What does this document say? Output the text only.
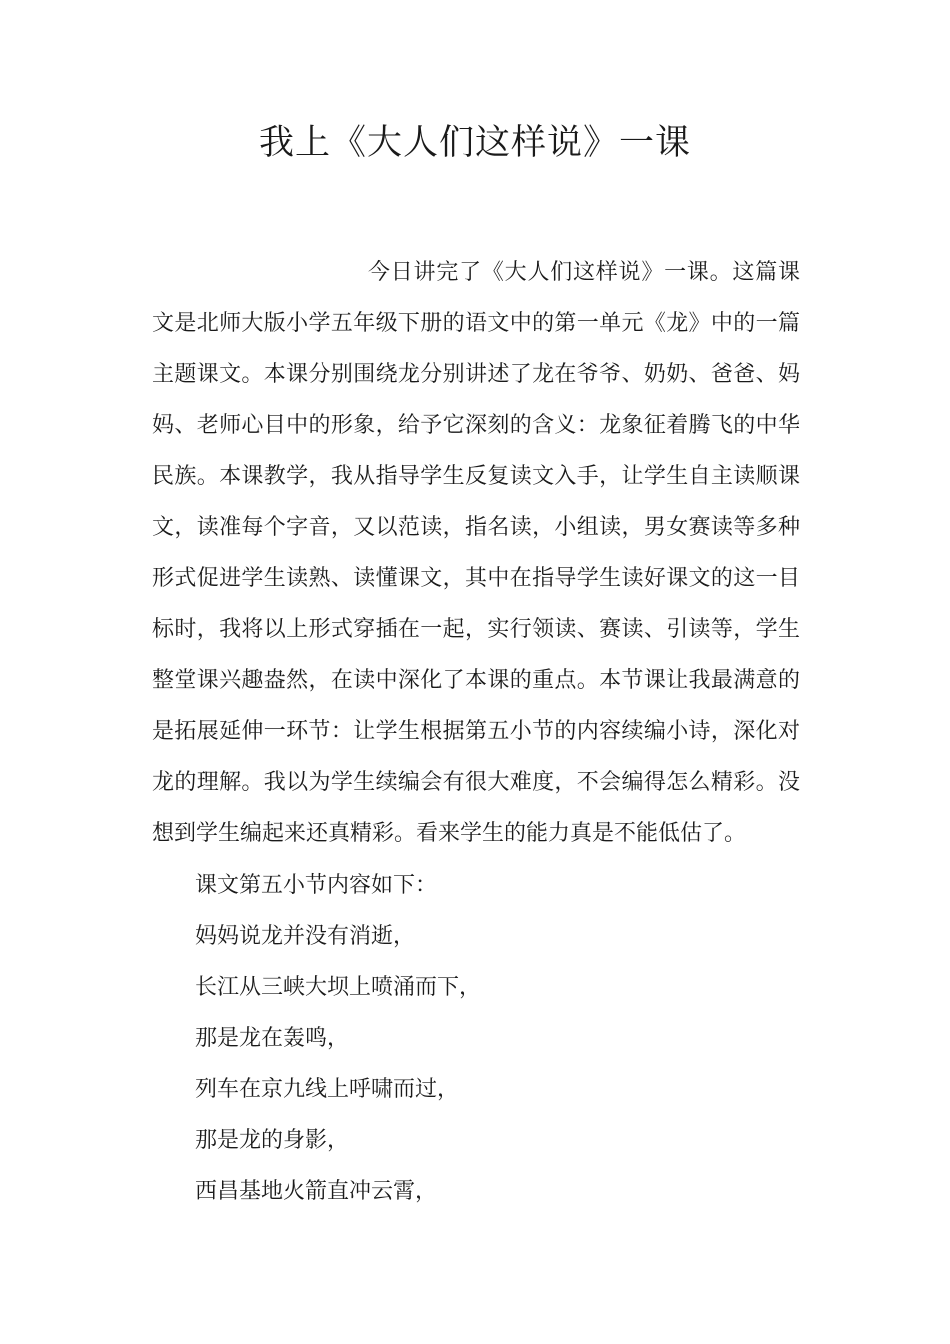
我上《大人们这样说》一课

今日讲完了《大人们这样说》一课。这篇课文是北师大版小学五年级下册的语文中的第一单元《龙》中的一篇主题课文。本课分别围绕龙分别讲述了龙在爷爷、奶奶、爸爸、妈妈、老师心目中的形象，给予它深刻的含义：龙象征着腾飞的中华民族。本课教学，我从指导学生反复读文入手，让学生自主读顺课文，读准每个字音，又以范读，指名读，小组读，男女赛读等多种形式促进学生读熟、读懂课文，其中在指导学生读好课文的这一目标时，我将以上形式穿插在一起，实行领读、赛读、引读等，学生整堂课兴趣盎然，在读中深化了本课的重点。本节课让我最满意的是拓展延伸一环节：让学生根据第五小节的内容续编小诗，深化对龙的理解。我以为学生续编会有很大难度，不会编得怎么精彩。没想到学生编起来还真精彩。看来学生的能力真是不能低估了。

课文第五小节内容如下：
妈妈说龙并没有消逝，
长江从三峡大坝上喷涌而下，
那是龙在轰鸣，
列车在京九线上呼啸而过，
那是龙的身影，
西昌基地火箭直冲云霄，
